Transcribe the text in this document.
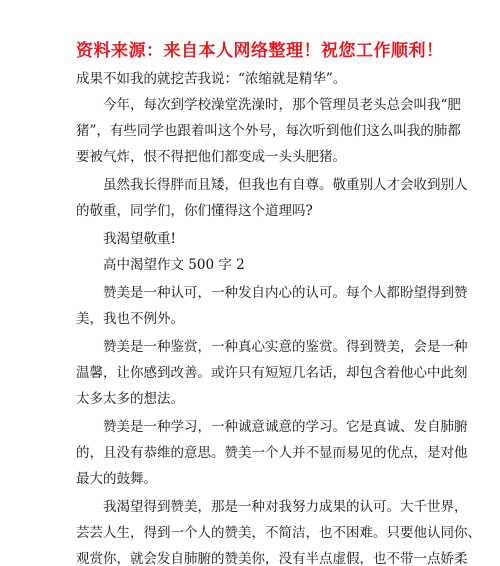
资料来源：来自本人网络整理！祝您工作顺利！
成果不如我的就挖苦我说：“浓缩就是精华”。
今年，每次到学校澡堂洗澡时，那个管理员老头总会叫我“肥
猪”，有些同学也跟着叫这个外号，每次听到他们这么叫我的肺都
要被气炸，恨不得把他们都变成一头头肥猪。
虽然我长得胖而且矮，但我也有自尊。敬重别人才会收到别人
的敬重，同学们，你们懂得这个道理吗?
我渴望敬重!
高中渴望作文 500 字 2
赞美是一种认可，一种发自内心的认可。每个人都盼望得到赞
美，我也不例外。
赞美是一种鉴赏，一种真心实意的鉴赏。得到赞美，会是一种
温馨，让你感到改善。或许只有短短几名话，却包含着他心中此刻
太多太多的想法。
赞美是一种学习，一种诚意诚意的学习。它是真诚、发自肺腑
的，且没有恭维的意思。赞美一个人并不显而易见的优点，是对他
最大的鼓舞。
我渴望得到赞美，那是一种对我努力成果的认可。大千世界，
芸芸人生，得到一个人的赞美，不简洁，也不困难。只要他认同你、
观赏你，就会发自肺腑的赞美你，没有半点虚假，也不带一点娇柔
